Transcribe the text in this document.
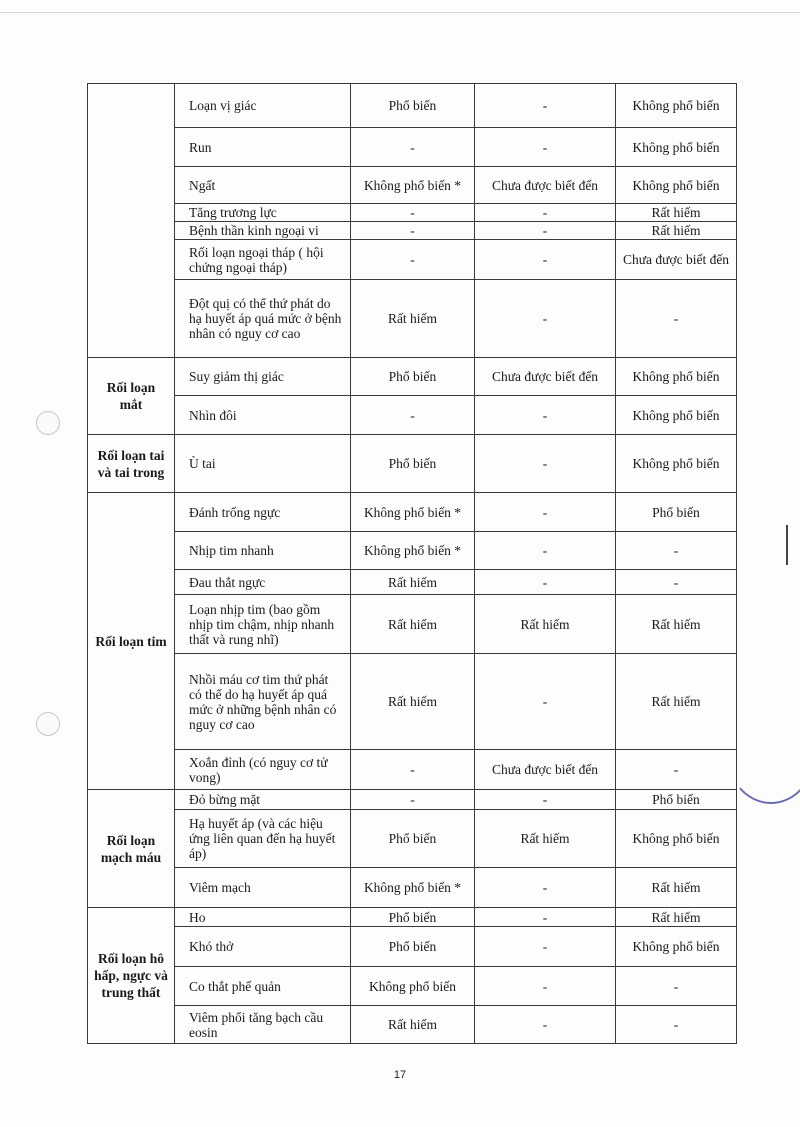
	Loạn vị giác	Phổ biến	-	Không phổ biến
	Run	-	-	Không phổ biến
	Ngất	Không phổ biến *	Chưa được biết đến	Không phổ biến
	Tăng trương lực	-	-	Rất hiếm
	Bệnh thần kinh ngoại vi	-	-	Rất hiếm
	Rối loạn ngoại tháp ( hội chứng ngoại tháp)	-	-	Chưa được biết đến
	Đột quị có thể thứ phát do hạ huyết áp quá mức ở bệnh nhân có nguy cơ cao	Rất hiếm	-	-
Rối loạn mắt	Suy giảm thị giác	Phổ biến	Chưa được biết đến	Không phổ biến
	Nhìn đôi	-	-	Không phổ biến
Rối loạn tai và tai trong	Ù tai	Phổ biến	-	Không phổ biến
Rối loạn tim	Đánh trống ngực	Không phổ biến *	-	Phổ biến
	Nhịp tim nhanh	Không phổ biến *	-	-
	Đau thắt ngực	Rất hiếm	-	-
	Loạn nhịp tim (bao gồm nhịp tim chậm, nhịp nhanh thất và rung nhĩ)	Rất hiếm	Rất hiếm	Rất hiếm
	Nhồi máu cơ tim thứ phát có thể do hạ huyết áp quá mức ở những bệnh nhân có nguy cơ cao	Rất hiếm	-	Rất hiếm
	Xoắn đỉnh (có nguy cơ tử vong)	-	Chưa được biết đến	-
Rối loạn mạch máu	Đỏ bừng mặt	-	-	Phổ biến
	Hạ huyết áp (và các hiệu ứng liên quan đến hạ huyết áp)	Phổ biến	Rất hiếm	Không phổ biến
	Viêm mạch	Không phổ biến *	-	Rất hiếm
Rối loạn hô hấp, ngực và trung thất	Ho	Phổ biến	-	Rất hiếm
	Khó thở	Phổ biến	-	Không phổ biến
	Co thắt phế quản	Không phổ biến	-	-
	Viêm phổi tăng bạch cầu eosin	Rất hiếm	-	-
17
